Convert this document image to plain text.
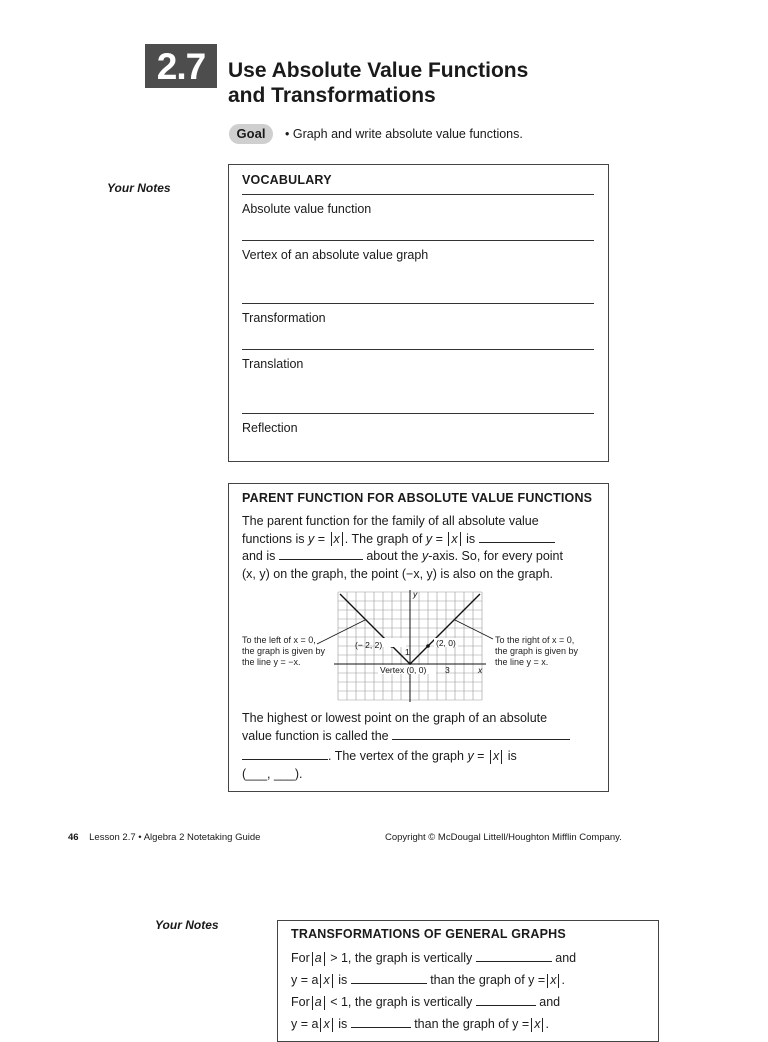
2.7	Use Absolute Value Functions
and Transformations
Goal	• Graph and write absolute value functions.
Your Notes
VOCABULARY
Absolute value function
Vertex of an absolute value graph
Transformation
Translation
Reflection
PARENT FUNCTION FOR ABSOLUTE VALUE FUNCTIONS
The parent function for the family of all absolute value
functions is y = x . The graph of y = x is
and is	about the y-axis. So, for every point
(x, y) on the graph, the point (−x, y) is also on the graph.
To the left of x = 0,
the graph is given by
the line y = −x.
To the right of x = 0,
the graph is given by
the line y = x.
(− 2, 2)	(2, 0)
Vertex (0, 0)
1
3	x
y
The highest or lowest point on the graph of an absolute
value function is called the
. The vertex of the graph y = x is
(___, ___).
46 Lesson 2.7 • Algebra 2 Notetaking Guide	Copyright © McDougal Littell/Houghton Mifflin Company.
Your Notes
TRANSFORMATIONS OF GENERAL GRAPHS
For a > 1, the graph is vertically	and
y = a x is	than the graph of y = x .
For a < 1, the graph is vertically	and
y = a x is	than the graph of y = x .
